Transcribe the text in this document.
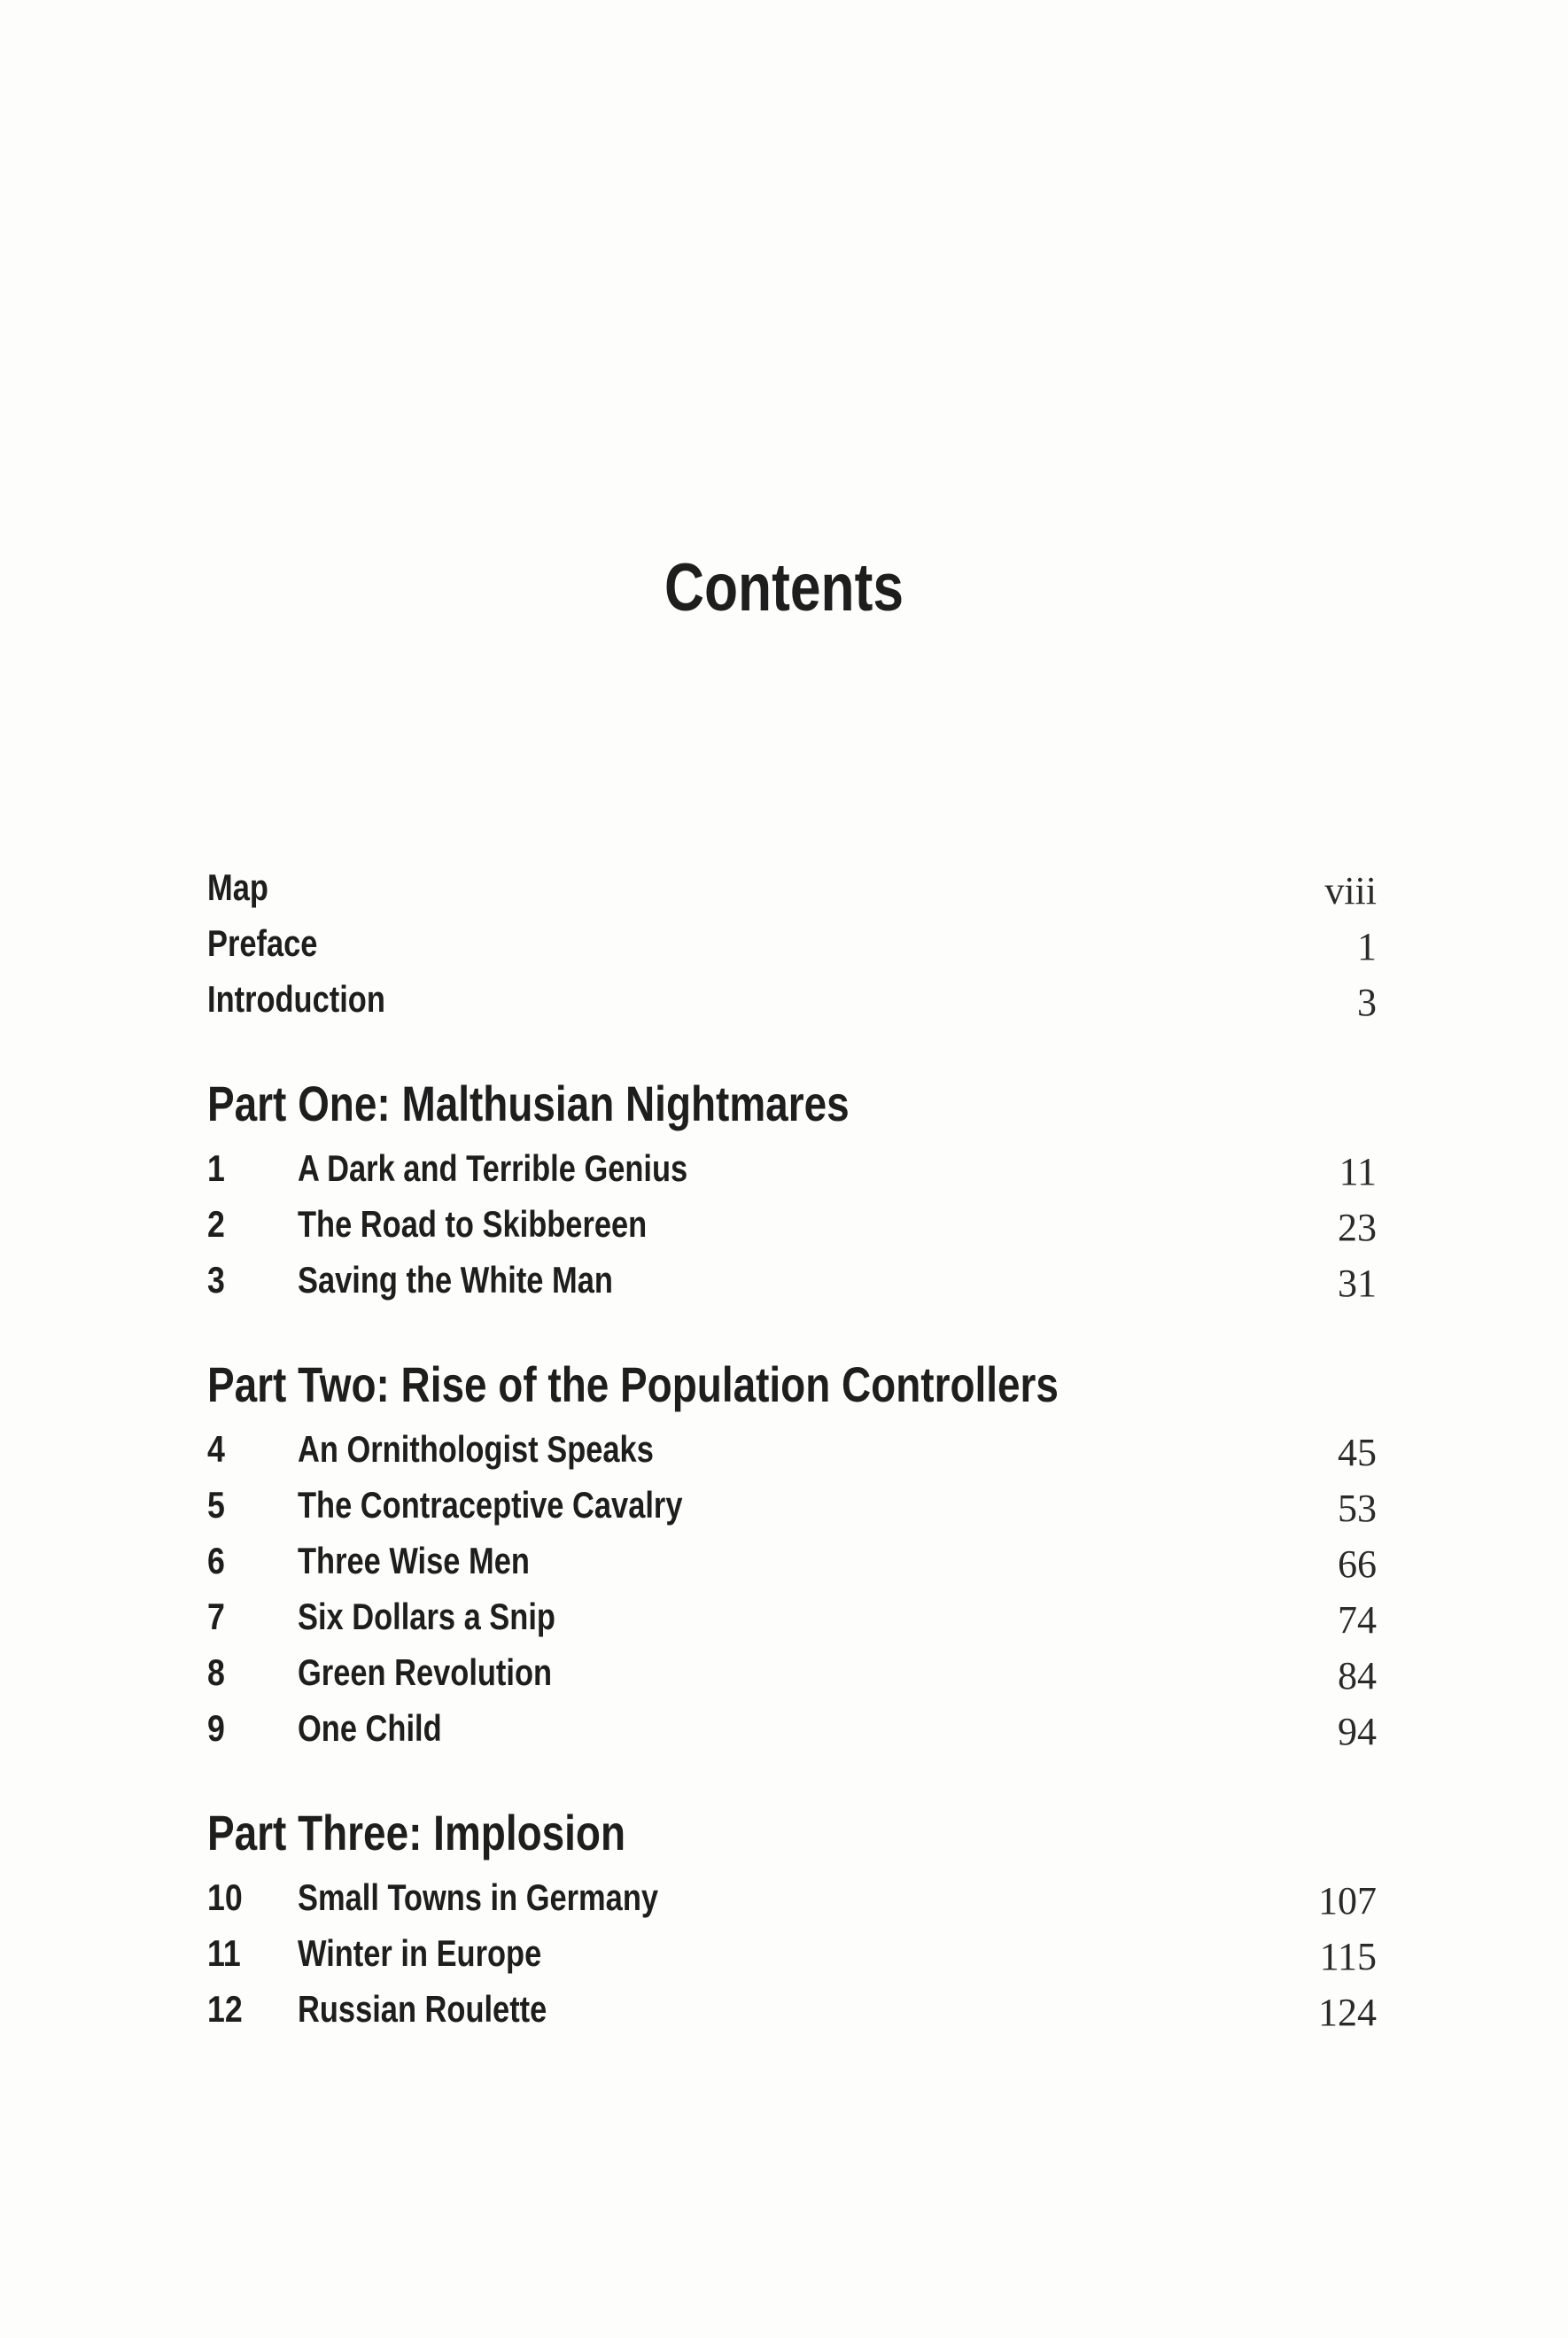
Contents
Map	viii
Preface	1
Introduction	3
Part One: Malthusian Nightmares
1 A Dark and Terrible Genius	11
2 The Road to Skibbereen	23
3 Saving the White Man	31
Part Two: Rise of the Population Controllers
4 An Ornithologist Speaks	45
5 The Contraceptive Cavalry	53
6 Three Wise Men	66
7 Six Dollars a Snip	74
8 Green Revolution	84
9 One Child	94
Part Three: Implosion
10 Small Towns in Germany	107
11 Winter in Europe	115
12 Russian Roulette	124
